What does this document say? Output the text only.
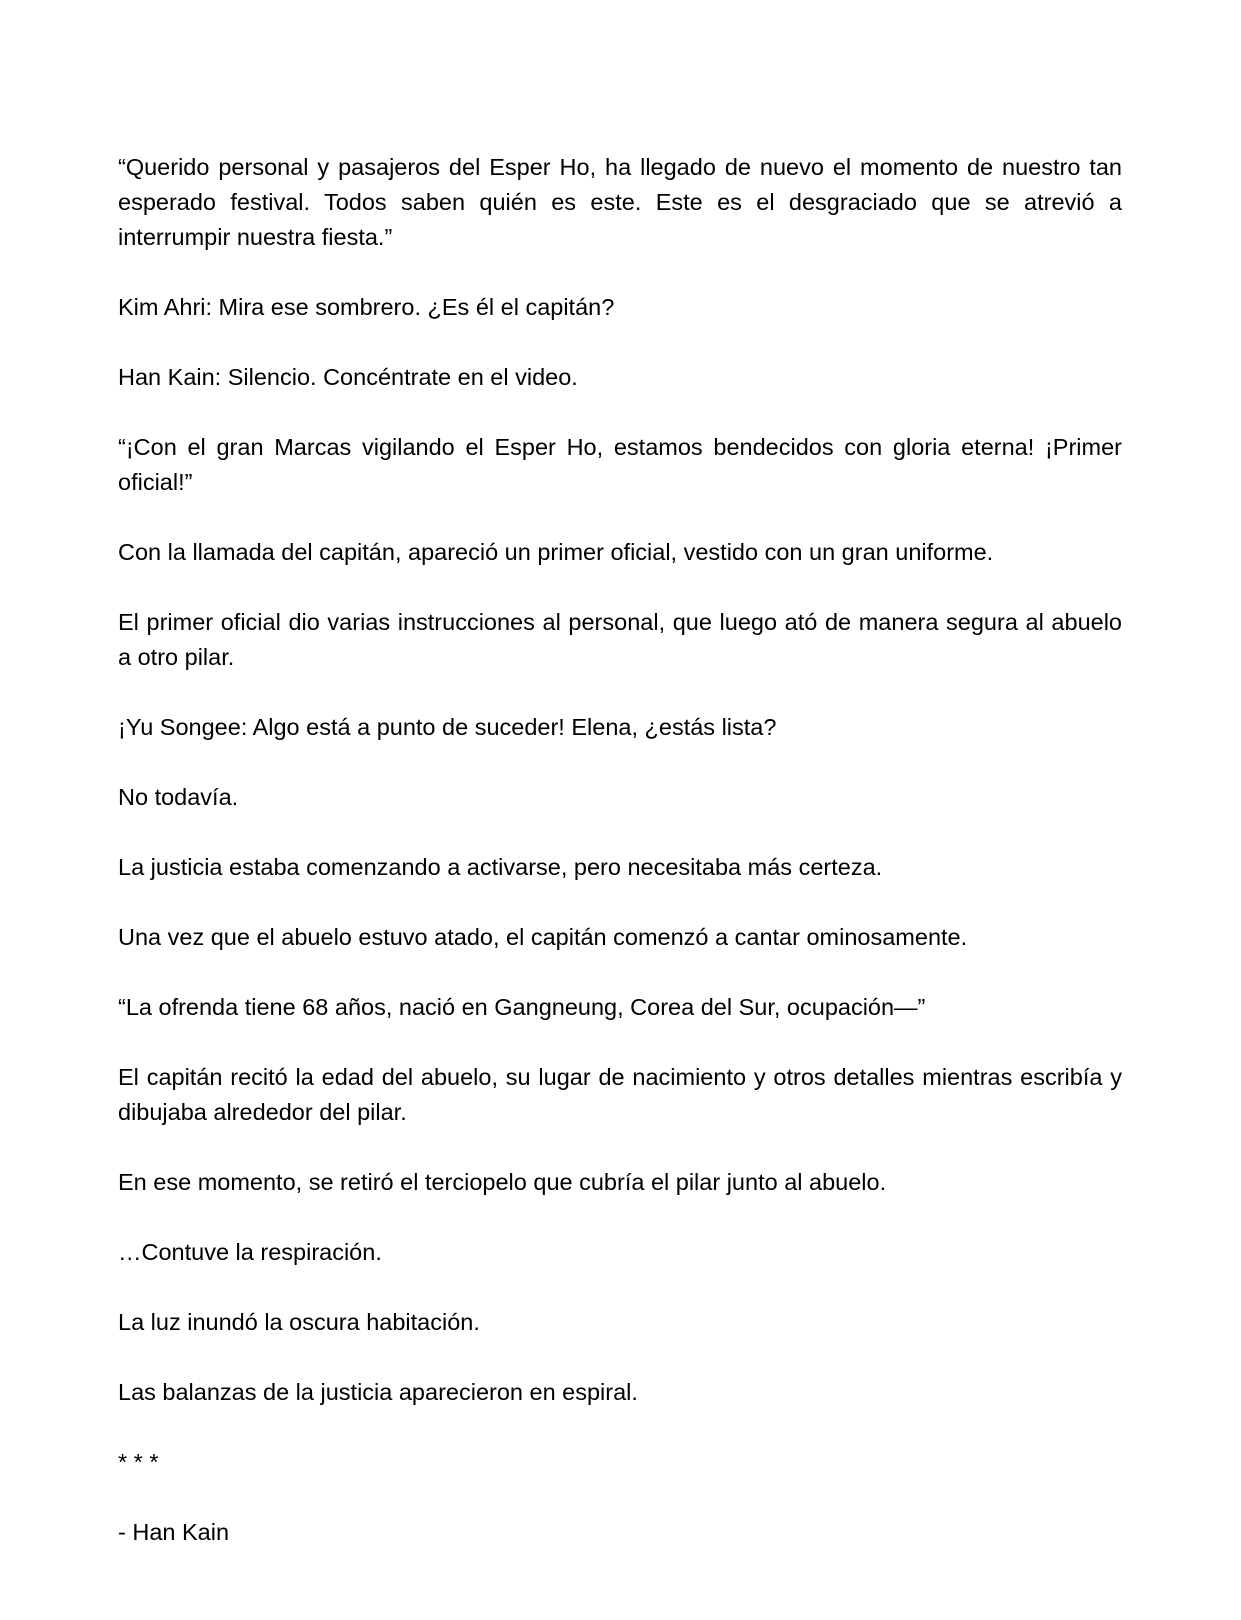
“Querido personal y pasajeros del Esper Ho, ha llegado de nuevo el momento de nuestro tan esperado festival. Todos saben quién es este. Este es el desgraciado que se atrevió a interrumpir nuestra fiesta.”

Kim Ahri: Mira ese sombrero. ¿Es él el capitán?

Han Kain: Silencio. Concéntrate en el video.

“¡Con el gran Marcas vigilando el Esper Ho, estamos bendecidos con gloria eterna! ¡Primer oficial!”

Con la llamada del capitán, apareció un primer oficial, vestido con un gran uniforme.

El primer oficial dio varias instrucciones al personal, que luego ató de manera segura al abuelo a otro pilar.

¡Yu Songee: Algo está a punto de suceder! Elena, ¿estás lista?

No todavía.

La justicia estaba comenzando a activarse, pero necesitaba más certeza.

Una vez que el abuelo estuvo atado, el capitán comenzó a cantar ominosamente.

“La ofrenda tiene 68 años, nació en Gangneung, Corea del Sur, ocupación—”

El capitán recitó la edad del abuelo, su lugar de nacimiento y otros detalles mientras escribía y dibujaba alrededor del pilar.

En ese momento, se retiró el terciopelo que cubría el pilar junto al abuelo.

…Contuve la respiración.

La luz inundó la oscura habitación.

Las balanzas de la justicia aparecieron en espiral.

* * *

- Han Kain
